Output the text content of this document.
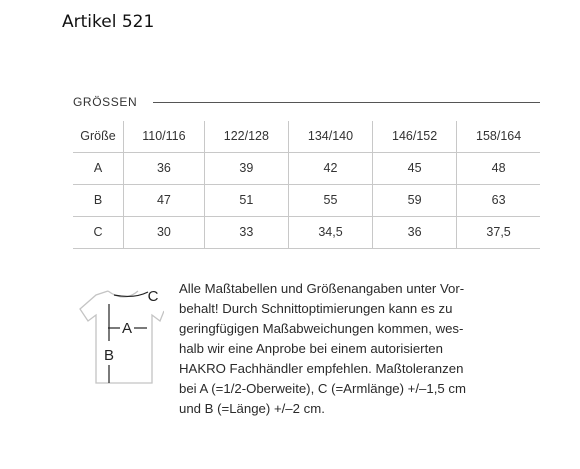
Artikel 521
GRÖSSEN
Größe	110/116	122/128	134/140	146/152	158/164
A	36	39	42	45	48
B	47	51	55	59	63
C	30	33	34,5	36	37,5
A
B
C Alle Maßtabellen und Größenangaben unter Vor-
behalt! Durch Schnittoptimierungen kann es zu
geringfügigen Maßabweichungen kommen, wes-
halb wir eine Anprobe bei einem autorisierten
HAKRO Fachhändler empfehlen. Maßtoleranzen
bei A (=1/2-Oberweite), C (=Armlänge) +/–1,5 cm
und B (=Länge) +/–2 cm.
